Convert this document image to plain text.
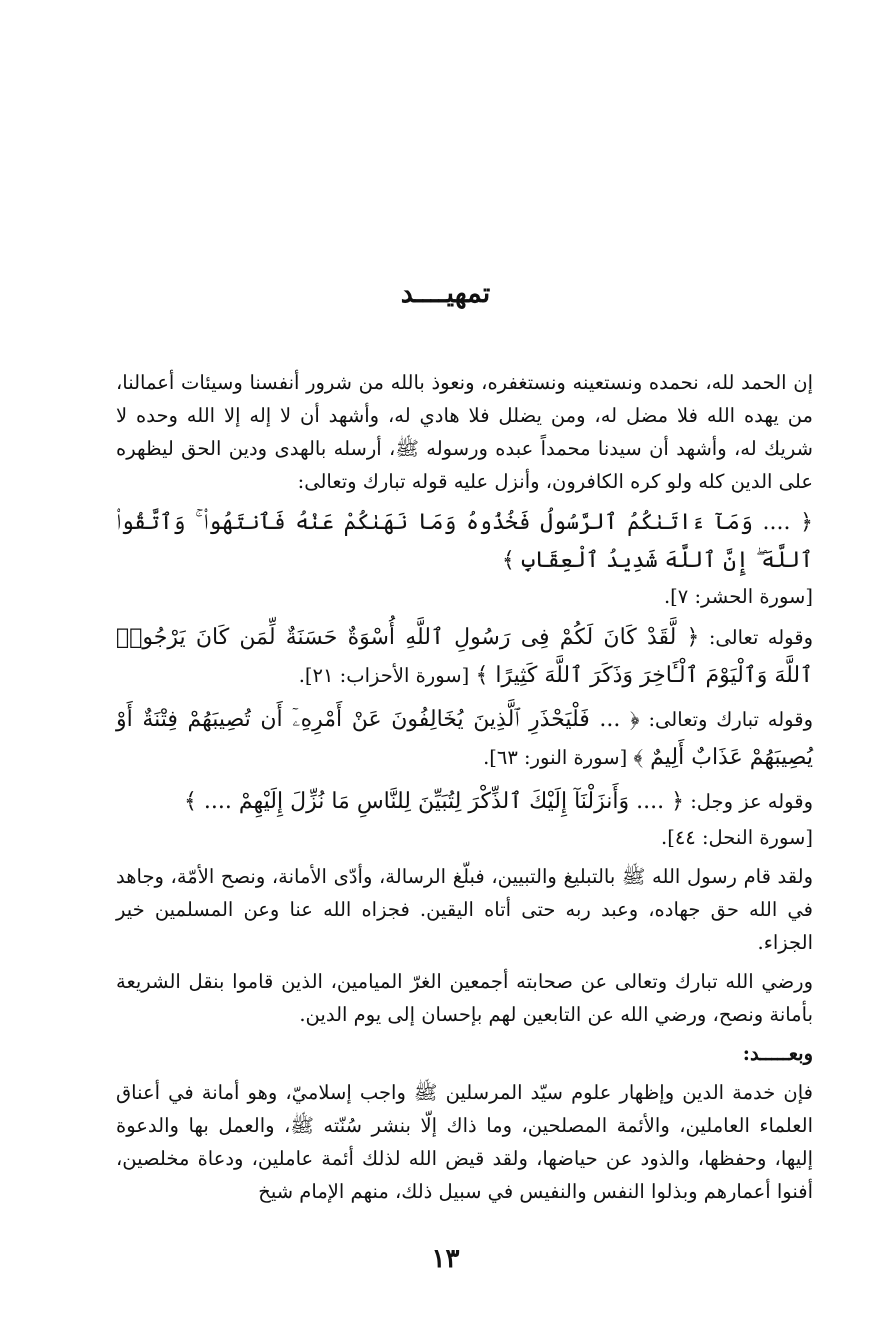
تمهيــــد

إن الحمد لله، نحمده ونستعينه ونستغفره، ونعوذ بالله من شرور أنفسنا وسيئات أعمالنا، من يهده الله فلا مضل له، ومن يضلل فلا هادي له، وأشهد أن لا إله إلا الله وحده لا شريك له، وأشهد أن سيدنا محمداً عبده ورسوله ﷺ، أرسله بالهدى ودين الحق ليظهره على الدين كله ولو كره الكافرون، وأنزل عليه قوله تبارك وتعالى:

﴿ .... وَمَآ ءَاتَىٰكُمُ ٱلرَّسُولُ فَخُذُوهُ وَمَا نَهَىٰكُمْ عَنْهُ فَٱنتَهُوا۟ ۚ وَٱتَّقُوا۟ ٱللَّهَ ۖ إِنَّ ٱللَّهَ شَدِيدُ ٱلْعِقَابِ ﴾
[سورة الحشر: ٧].

وقوله تعالى: ﴿ لَّقَدْ كَانَ لَكُمْ فِى رَسُولِ ٱللَّهِ أُسْوَةٌ حَسَنَةٌ لِّمَن كَانَ يَرْجُوا۟ ٱللَّهَ وَٱلْيَوْمَ ٱلْـَٔاخِرَ وَذَكَرَ ٱللَّهَ كَثِيرًا ﴾ [سورة الأحزاب: ٢١].

وقوله تبارك وتعالى: ﴿ ... فَلْيَحْذَرِ ٱلَّذِينَ يُخَالِفُونَ عَنْ أَمْرِهِۦٓ أَن تُصِيبَهُمْ فِتْنَةٌ أَوْ يُصِيبَهُمْ عَذَابٌ أَلِيمٌ ﴾ [سورة النور: ٦٣].

وقوله عز وجل: ﴿ .... وَأَنزَلْنَآ إِلَيْكَ ٱلذِّكْرَ لِتُبَيِّنَ لِلنَّاسِ مَا نُزِّلَ إِلَيْهِمْ .... ﴾
[سورة النحل: ٤٤].

ولقد قام رسول الله ﷺ بالتبليغ والتبيين، فبلّغ الرسالة، وأدّى الأمانة، ونصح الأمّة، وجاهد في الله حق جهاده، وعبد ربه حتى أتاه اليقين. فجزاه الله عنا وعن المسلمين خير الجزاء.

ورضي الله تبارك وتعالى عن صحابته أجمعين الغرّ الميامين، الذين قاموا بنقل الشريعة بأمانة ونصح، ورضي الله عن التابعين لهم بإحسان إلى يوم الدين.

وبعـــــد:

فإن خدمة الدين وإظهار علوم سيّد المرسلين ﷺ واجب إسلاميّ، وهو أمانة في أعناق العلماء العاملين، والأئمة المصلحين، وما ذاك إلّا بنشر سُنّته ﷺ، والعمل بها والدعوة إليها، وحفظها، والذود عن حياضها، ولقد قيض الله لذلك أئمة عاملين، ودعاة مخلصين، أفنوا أعمارهم وبذلوا النفس والنفيس في سبيل ذلك، منهم الإمام شيخ

١٣
